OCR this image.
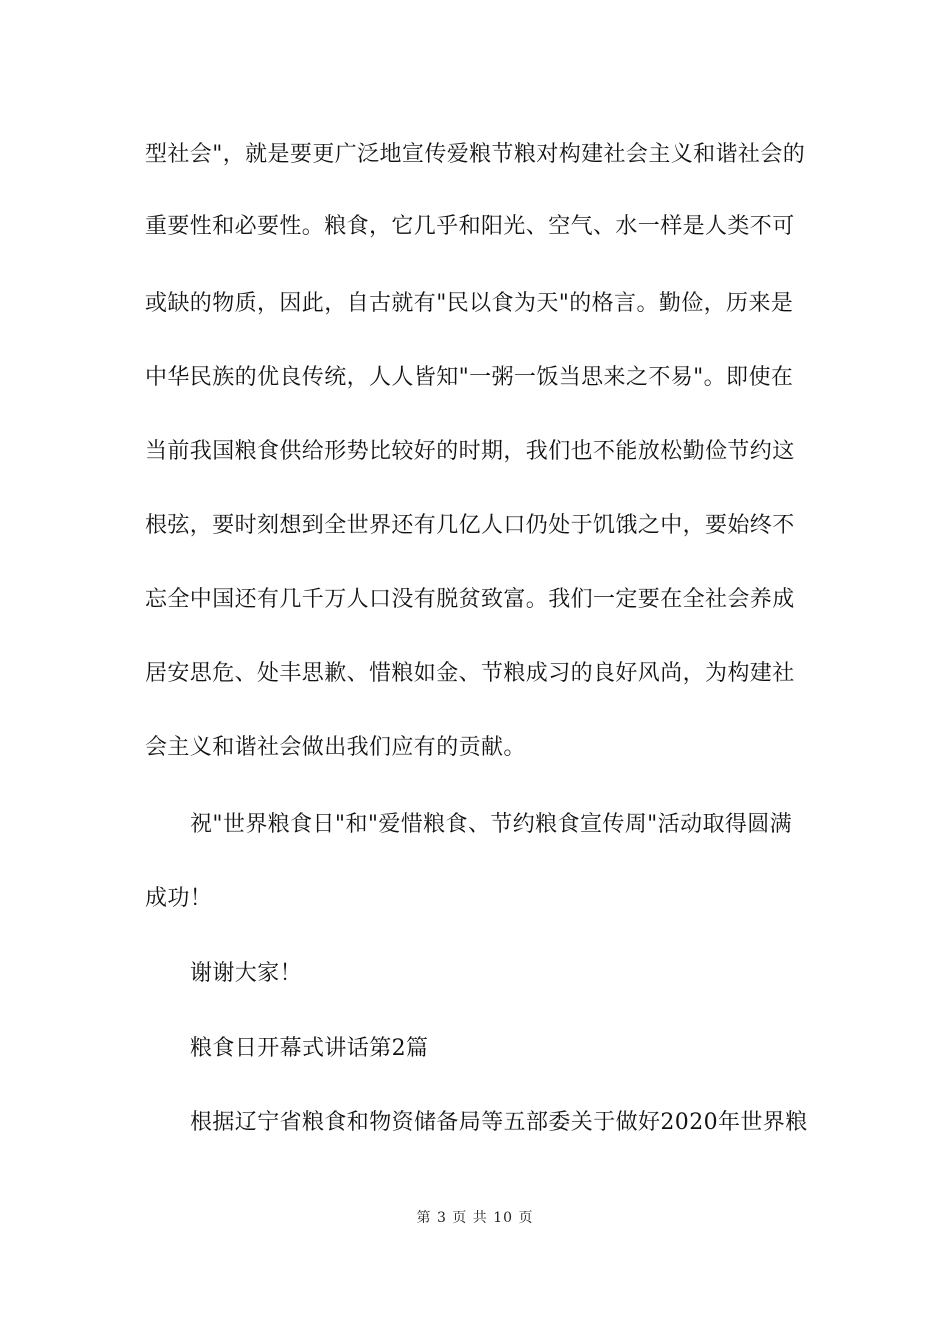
型社会"，就是要更广泛地宣传爱粮节粮对构建社会主义和谐社会的
重要性和必要性。粮食，它几乎和阳光、空气、水一样是人类不可
或缺的物质，因此，自古就有"民以食为天"的格言。勤俭，历来是
中华民族的优良传统，人人皆知"一粥一饭当思来之不易"。即使在
当前我国粮食供给形势比较好的时期，我们也不能放松勤俭节约这
根弦，要时刻想到全世界还有几亿人口仍处于饥饿之中，要始终不
忘全中国还有几千万人口没有脱贫致富。我们一定要在全社会养成
居安思危、处丰思歉、惜粮如金、节粮成习的良好风尚，为构建社
会主义和谐社会做出我们应有的贡献。
祝"世界粮食日"和"爱惜粮食、节约粮食宣传周"活动取得圆满
成功！
谢谢大家！
粮食日开幕式讲话第2篇
根据辽宁省粮食和物资储备局等五部委关于做好2020年世界粮
第 3 页 共 10 页
